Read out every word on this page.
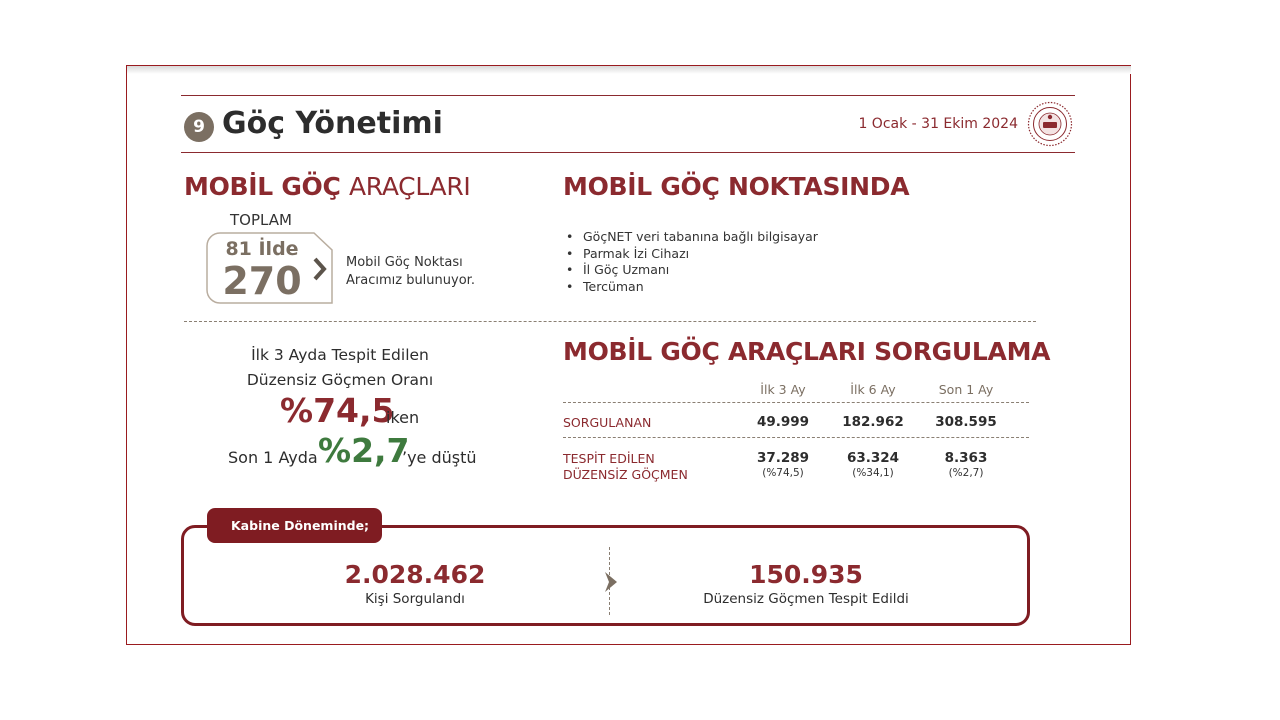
9 Göç Yönetimi	1 Ocak - 31 Ekim 2024
MOBİL GÖÇ ARAÇLARI
TOPLAM
81 İlde
270	Mobil Göç Noktası
Aracımız bulunuyor.
MOBİL GÖÇ NOKTASINDA
• GöçNET veri tabanına bağlı bilgisayar
• Parmak İzi Cihazı
• İl Göç Uzmanı
• Tercüman
İlk 3 Ayda Tespit Edilen
Düzensiz Göçmen Oranı
%74,5
iken
Son 1 Ayda %2,7
’ye düştü
MOBİL GÖÇ ARAÇLARI SORGULAMA
İlk 3 Ay	İlk 6 Ay	Son 1 Ay
SORGULANAN	49.999	182.962	308.595
TESPİT EDİLEN
DÜZENSİZ GÖÇMEN
37.289	63.324	8.363
(%74,5)	(%34,1)	(%2,7)
Kabine Döneminde;
2.028.462
Kişi Sorgulandı
150.935
Düzensiz Göçmen Tespit Edildi
